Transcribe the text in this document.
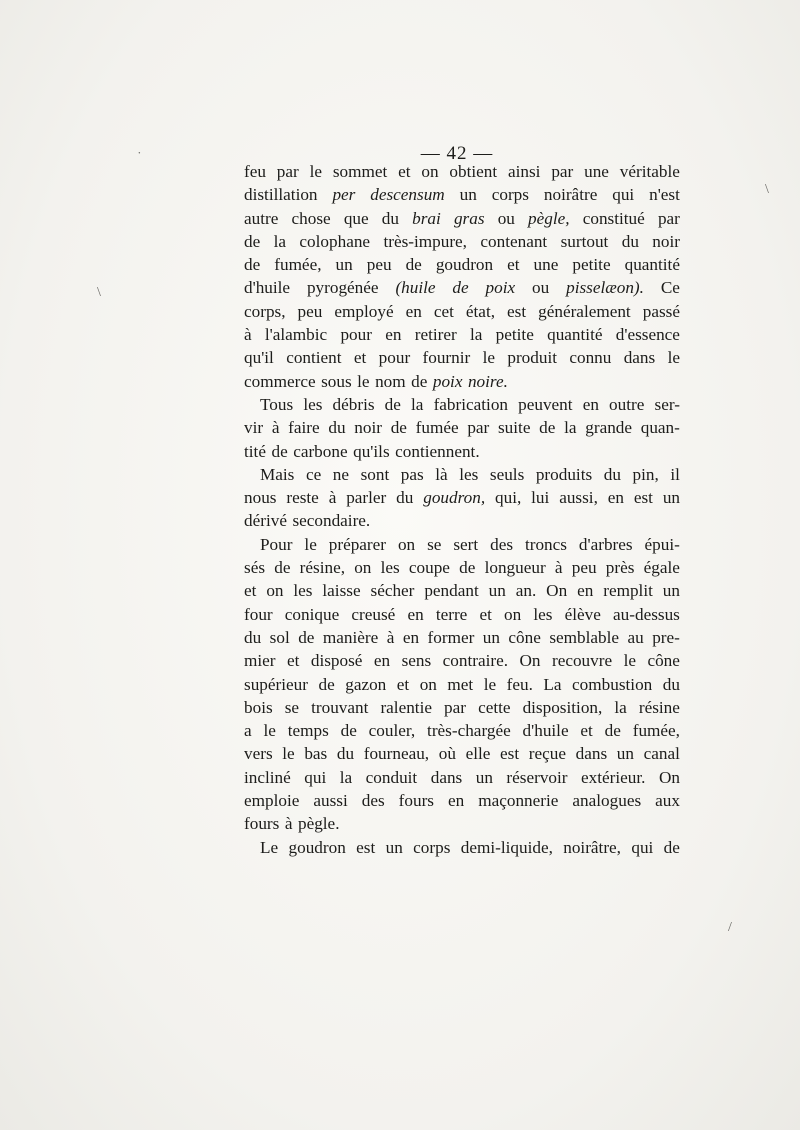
— 42 —
feu par le sommet et on obtient ainsi par une véritable
distillation per descensum un corps noirâtre qui n'est
autre chose que du brai gras ou pègle, constitué par
de la colophane très-impure, contenant surtout du noir
de fumée, un peu de goudron et une petite quantité
d'huile pyrogénée (huile de poix ou pisselæon). Ce
corps, peu employé en cet état, est généralement passé
à l'alambic pour en retirer la petite quantité d'essence
qu'il contient et pour fournir le produit connu dans le
commerce sous le nom de poix noire.
Tous les débris de la fabrication peuvent en outre ser-
vir à faire du noir de fumée par suite de la grande quan-
tité de carbone qu'ils contiennent.
Mais ce ne sont pas là les seuls produits du pin, il
nous reste à parler du goudron, qui, lui aussi, en est un
dérivé secondaire.
Pour le préparer on se sert des troncs d'arbres épui-
sés de résine, on les coupe de longueur à peu près égale
et on les laisse sécher pendant un an. On en remplit un
four conique creusé en terre et on les élève au-dessus
du sol de manière à en former un cône semblable au pre-
mier et disposé en sens contraire. On recouvre le cône
supérieur de gazon et on met le feu. La combustion du
bois se trouvant ralentie par cette disposition, la résine
a le temps de couler, très-chargée d'huile et de fumée,
vers le bas du fourneau, où elle est reçue dans un canal
incliné qui la conduit dans un réservoir extérieur. On
emploie aussi des fours en maçonnerie analogues aux
fours à pègle.
Le goudron est un corps demi-liquide, noirâtre, qui de
˙
\
\
/
